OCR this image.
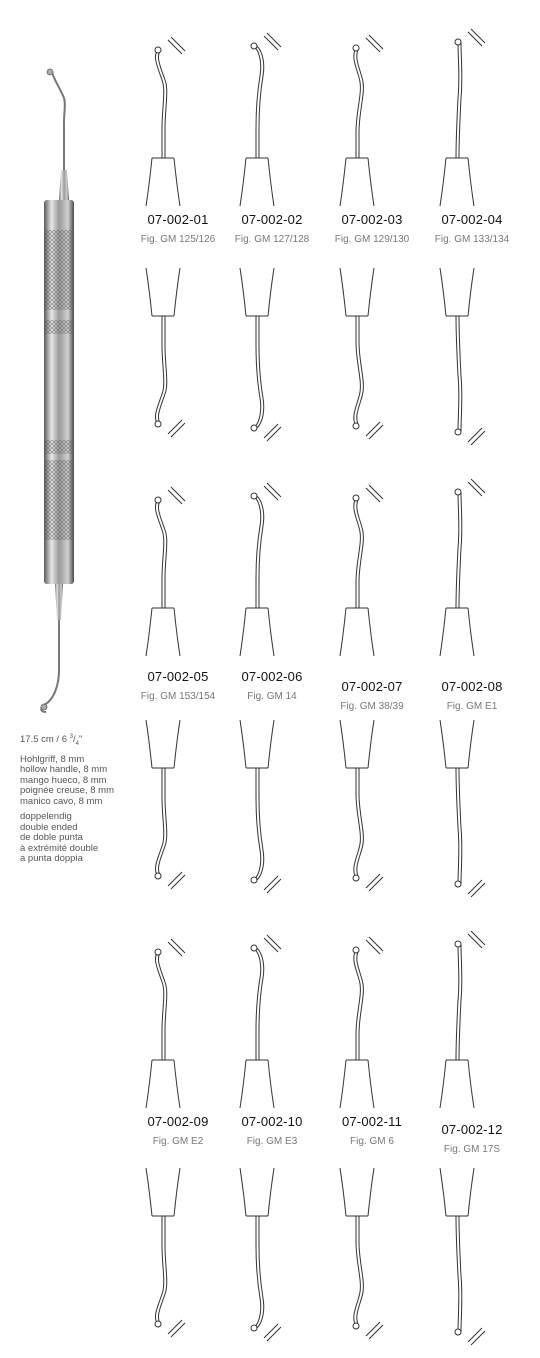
17.5 cm / 6 $^3/_4$"
Hohlgriff, 8 mm
hollow handle, 8 mm
mango hueco, 8 mm
poignée creuse, 8 mm
manico cavo, 8 mm
doppelendig
double ended
de doble punta
à extrémité double
a punta doppia
07-002-01
Fig. GM 125/126
07-002-02
Fig. GM 127/128
07-002-03
Fig. GM 129/130
07-002-04
Fig. GM 133/134
07-002-05
Fig. GM 153/154
07-002-06
Fig. GM 14
07-002-07
Fig. GM 38/39
07-002-08
Fig. GM E1
07-002-09
Fig. GM E2
07-002-10
Fig. GM E3
07-002-11
Fig. GM 6
07-002-12
Fig. GM 17S
